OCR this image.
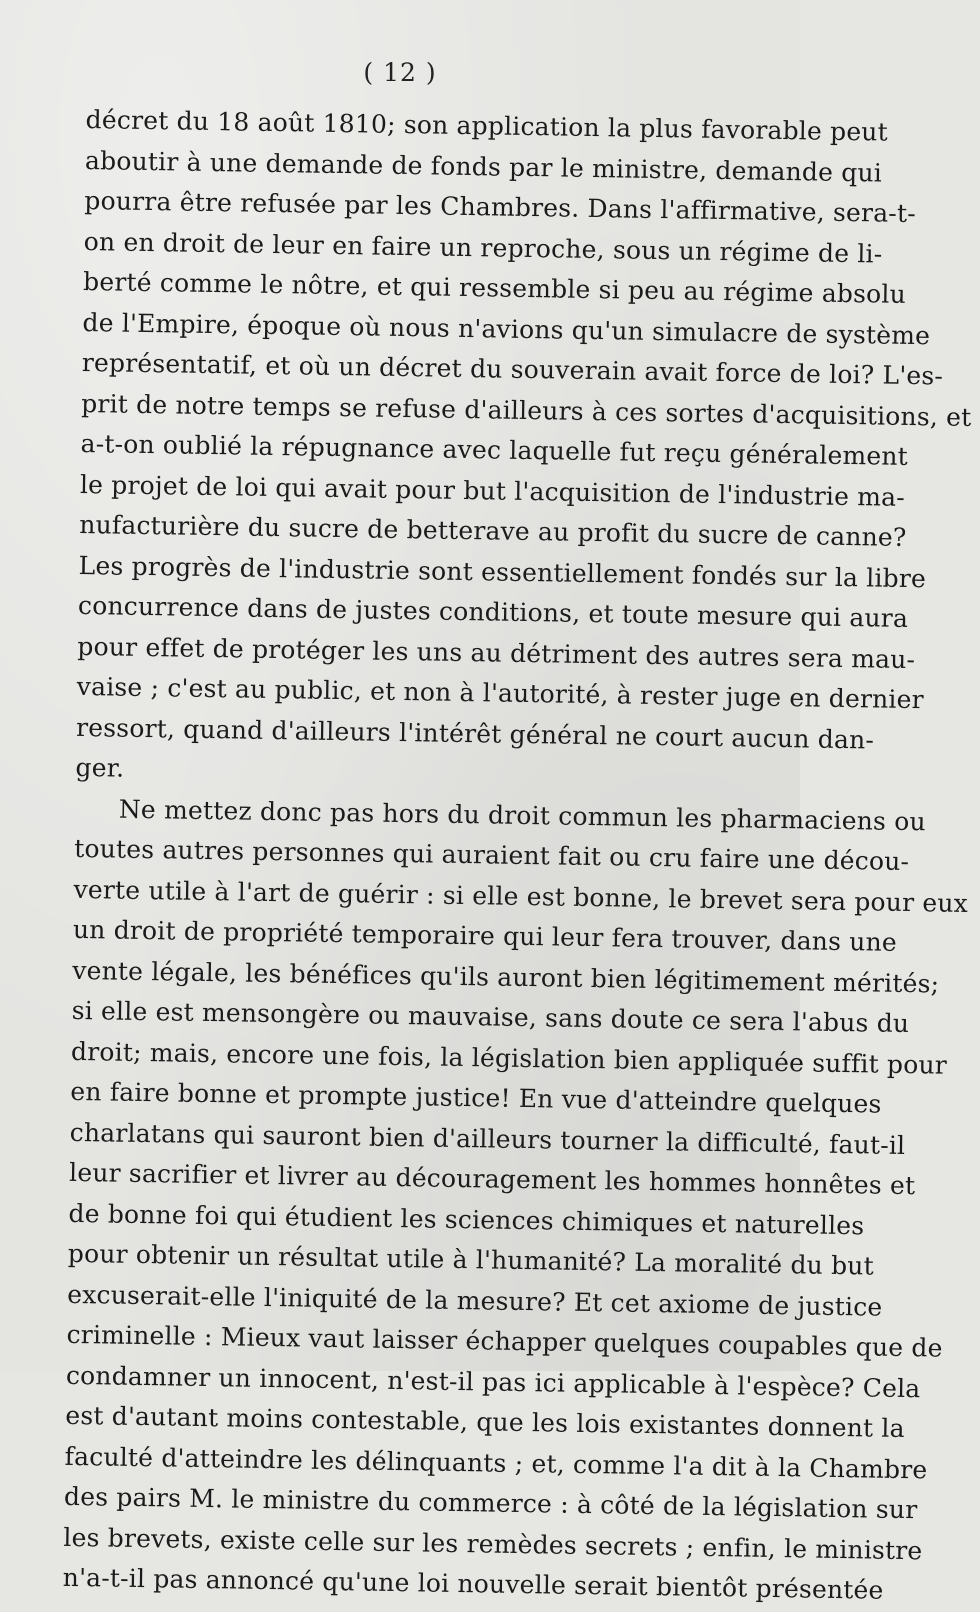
( 12 )
décret du 18 août 1810; son application la plus favorable peut
aboutir à une demande de fonds par le ministre, demande qui
pourra être refusée par les Chambres. Dans l'affirmative, sera-t-
on en droit de leur en faire un reproche, sous un régime de li-
berté comme le nôtre, et qui ressemble si peu au régime absolu
de l'Empire, époque où nous n'avions qu'un simulacre de système
représentatif, et où un décret du souverain avait force de loi? L'es-
prit de notre temps se refuse d'ailleurs à ces sortes d'acquisitions, et
a-t-on oublié la répugnance avec laquelle fut reçu généralement
le projet de loi qui avait pour but l'acquisition de l'industrie ma-
nufacturière du sucre de betterave au profit du sucre de canne?
Les progrès de l'industrie sont essentiellement fondés sur la libre
concurrence dans de justes conditions, et toute mesure qui aura
pour effet de protéger les uns au détriment des autres sera mau-
vaise ; c'est au public, et non à l'autorité, à rester juge en dernier
ressort, quand d'ailleurs l'intérêt général ne court aucun dan-
ger.
Ne mettez donc pas hors du droit commun les pharmaciens ou
toutes autres personnes qui auraient fait ou cru faire une décou-
verte utile à l'art de guérir : si elle est bonne, le brevet sera pour eux
un droit de propriété temporaire qui leur fera trouver, dans une
vente légale, les bénéfices qu'ils auront bien légitimement mérités;
si elle est mensongère ou mauvaise, sans doute ce sera l'abus du
droit; mais, encore une fois, la législation bien appliquée suffit pour
en faire bonne et prompte justice! En vue d'atteindre quelques
charlatans qui sauront bien d'ailleurs tourner la difficulté, faut-il
leur sacrifier et livrer au découragement les hommes honnêtes et
de bonne foi qui étudient les sciences chimiques et naturelles
pour obtenir un résultat utile à l'humanité? La moralité du but
excuserait-elle l'iniquité de la mesure? Et cet axiome de justice
criminelle : Mieux vaut laisser échapper quelques coupables que de
condamner un innocent, n'est-il pas ici applicable à l'espèce? Cela
est d'autant moins contestable, que les lois existantes donnent la
faculté d'atteindre les délinquants ; et, comme l'a dit à la Chambre
des pairs M. le ministre du commerce : à côté de la législation sur
les brevets, existe celle sur les remèdes secrets ; enfin, le ministre
n'a-t-il pas annoncé qu'une loi nouvelle serait bientôt présentée
